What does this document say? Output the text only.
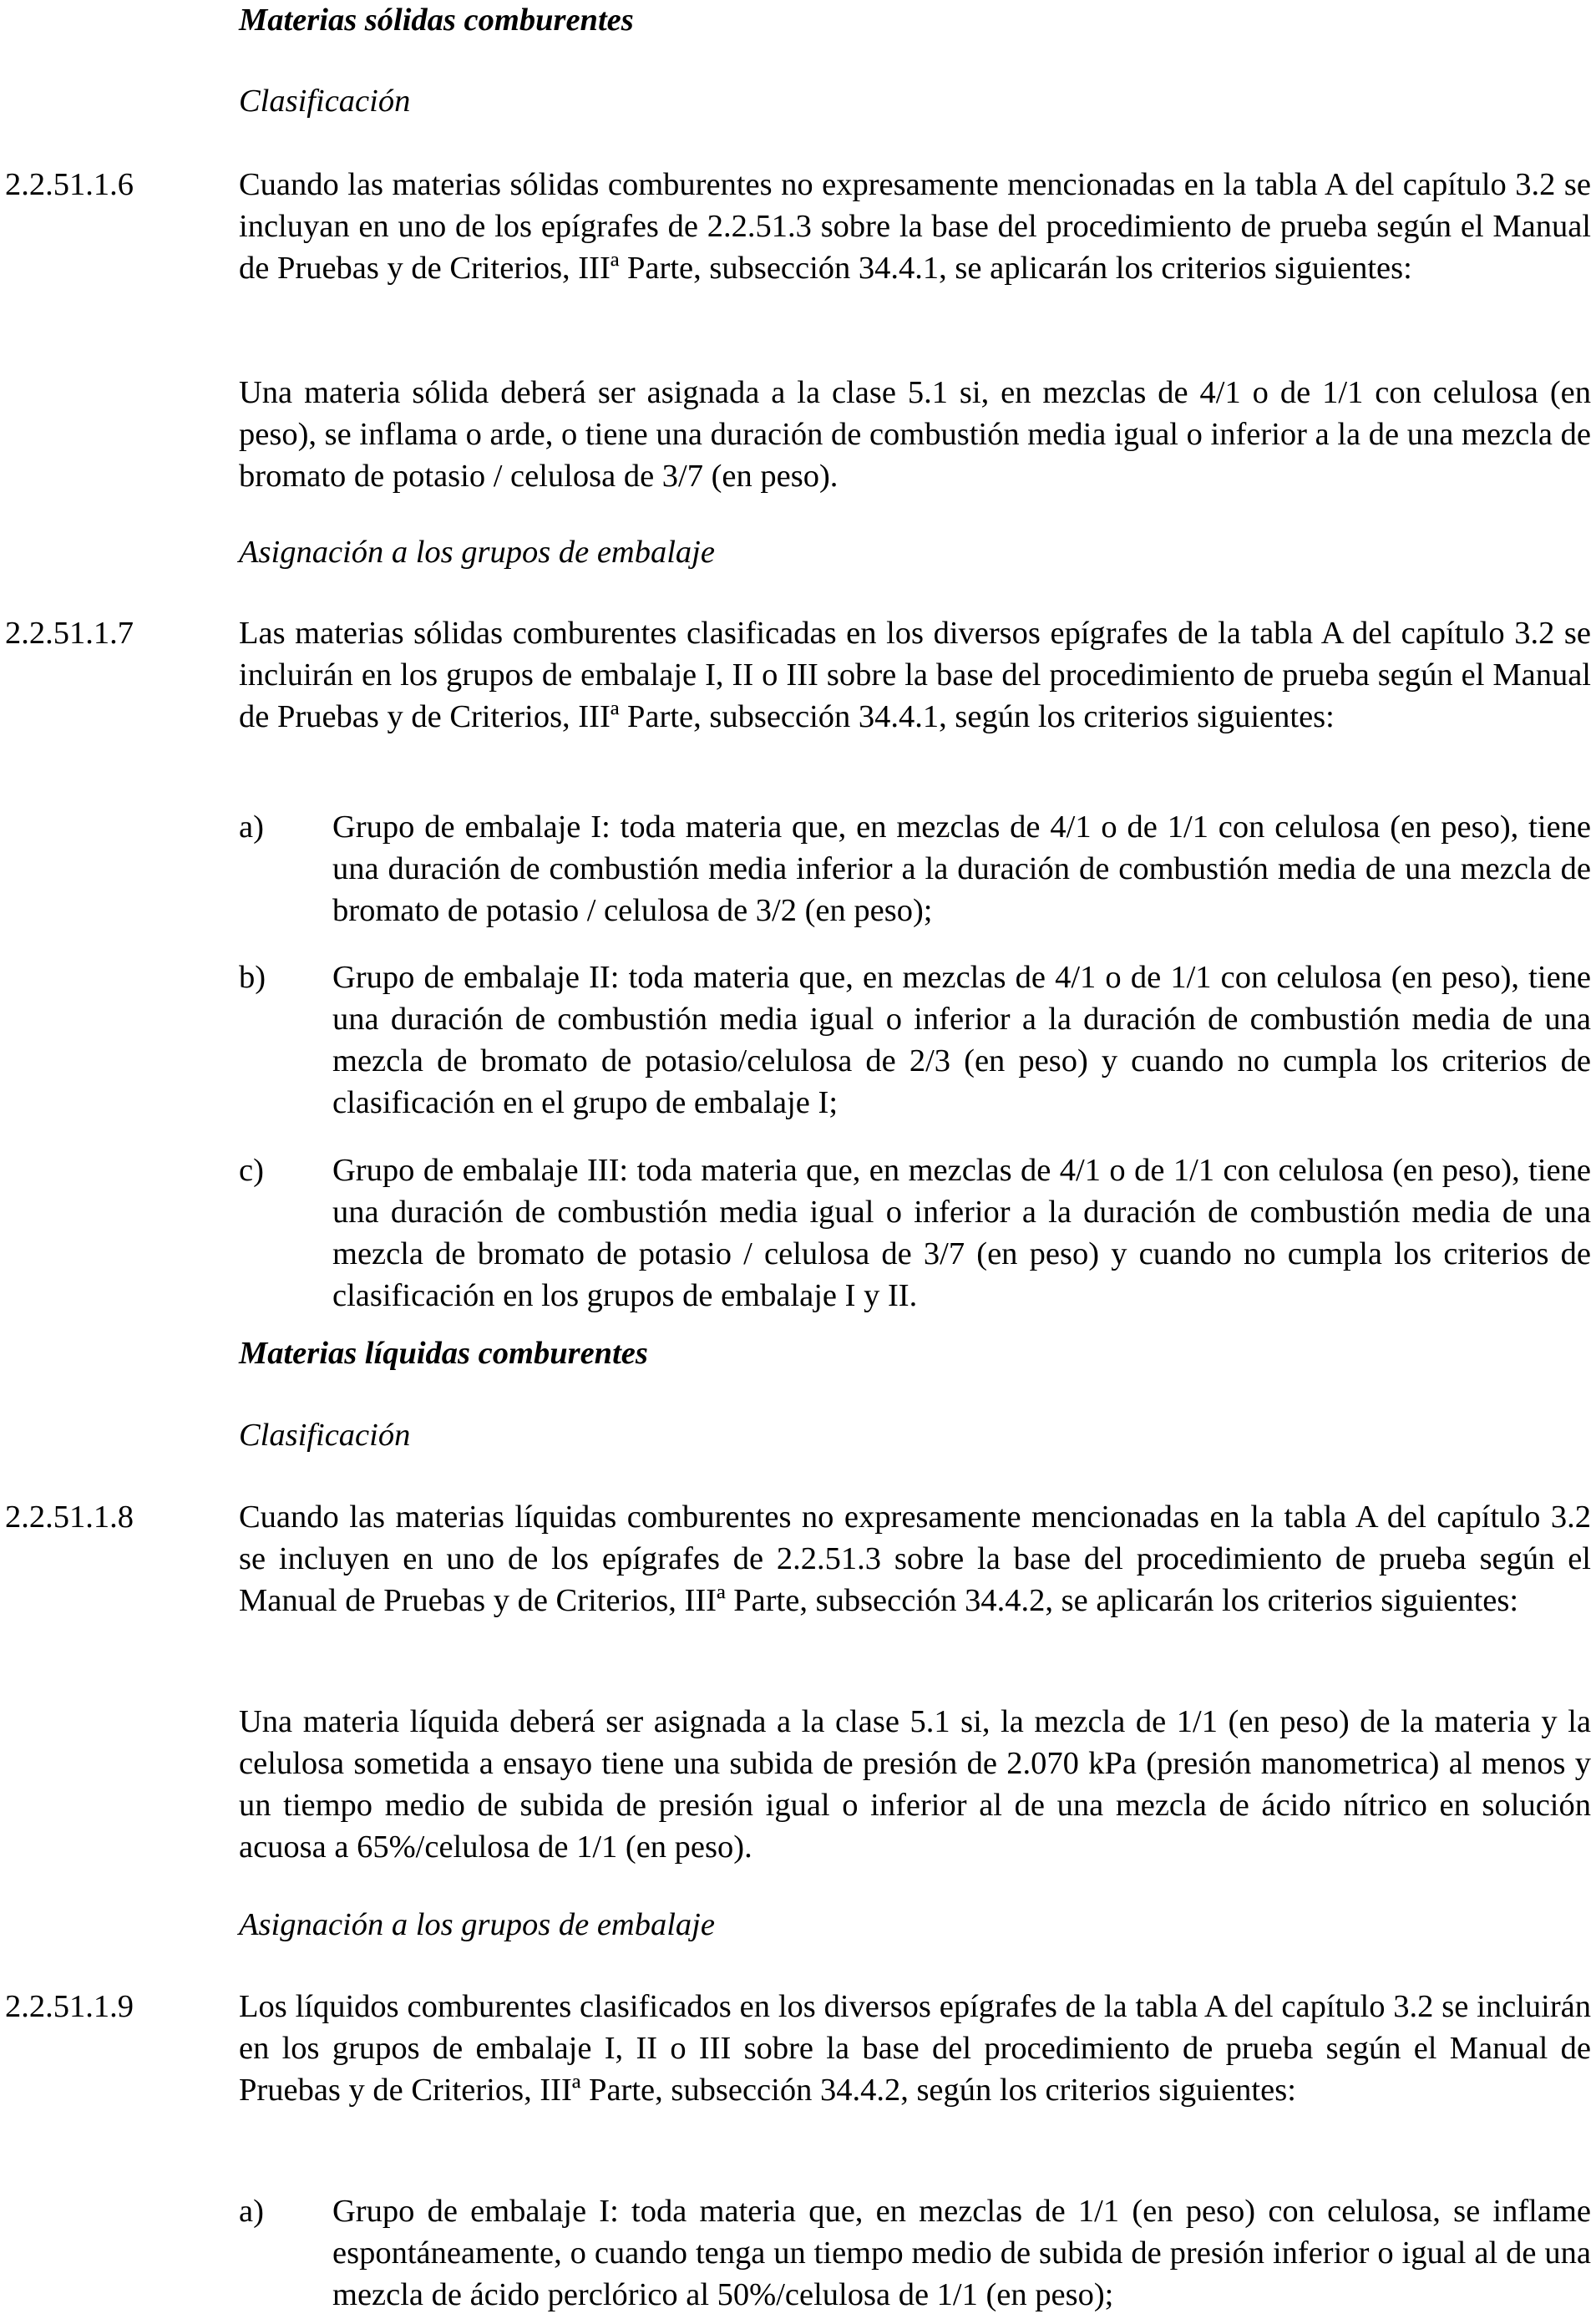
Materias sólidas comburentes

Clasificación

2.2.51.1.6	Cuando las materias sólidas comburentes no expresamente mencionadas en la tabla A del capítulo 3.2 se incluyan en uno de los epígrafes de 2.2.51.3 sobre la base del procedimiento de prueba según el Manual de Pruebas y de Criterios, IIIª Parte, subsección 34.4.1, se aplicarán los criterios siguientes:

Una materia sólida deberá ser asignada a la clase 5.1 si, en mezclas de 4/1 o de 1/1 con celulosa (en peso), se inflama o arde, o tiene una duración de combustión media igual o inferior a la de una mezcla de bromato de potasio / celulosa de 3/7 (en peso).

Asignación a los grupos de embalaje

2.2.51.1.7	Las materias sólidas comburentes clasificadas en los diversos epígrafes de la tabla A del capítulo 3.2 se incluirán en los grupos de embalaje I, II o III sobre la base del procedimiento de prueba según el Manual de Pruebas y de Criterios, IIIª Parte, subsección 34.4.1, según los criterios siguientes:

a) Grupo de embalaje I: toda materia que, en mezclas de 4/1 o de 1/1 con celulosa (en peso), tiene una duración de combustión media inferior a la duración de combustión media de una mezcla de bromato de potasio / celulosa de 3/2 (en peso);
b) Grupo de embalaje II: toda materia que, en mezclas de 4/1 o de 1/1 con celulosa (en peso), tiene una duración de combustión media igual o inferior a la duración de combustión media de una mezcla de bromato de potasio/celulosa de 2/3 (en peso) y cuando no cumpla los criterios de clasificación en el grupo de embalaje I;
c) Grupo de embalaje III: toda materia que, en mezclas de 4/1 o de 1/1 con celulosa (en peso), tiene una duración de combustión media igual o inferior a la duración de combustión media de una mezcla de bromato de potasio / celulosa de 3/7 (en peso) y cuando no cumpla los criterios de clasificación en los grupos de embalaje I y II.

Materias líquidas comburentes

Clasificación

2.2.51.1.8	Cuando las materias líquidas comburentes no expresamente mencionadas en la tabla A del capítulo 3.2 se incluyen en uno de los epígrafes de 2.2.51.3 sobre la base del procedimiento de prueba según el Manual de Pruebas y de Criterios, IIIª Parte, subsección 34.4.2, se aplicarán los criterios siguientes:

Una materia líquida deberá ser asignada a la clase 5.1 si, la mezcla de 1/1 (en peso) de la materia y la celulosa sometida a ensayo tiene una subida de presión de 2.070 kPa (presión manometrica) al menos y un tiempo medio de subida de presión igual o inferior al de una mezcla de ácido nítrico en solución acuosa a 65%/celulosa de 1/1 (en peso).

Asignación a los grupos de embalaje

2.2.51.1.9	Los líquidos comburentes clasificados en los diversos epígrafes de la tabla A del capítulo 3.2 se incluirán en los grupos de embalaje I, II o III sobre la base del procedimiento de prueba según el Manual de Pruebas y de Criterios, IIIª Parte, subsección 34.4.2, según los criterios siguientes:

a) Grupo de embalaje I: toda materia que, en mezclas de 1/1 (en peso) con celulosa, se inflame espontáneamente, o cuando tenga un tiempo medio de subida de presión inferior o igual al de una mezcla de ácido perclórico al 50%/celulosa de 1/1 (en peso);
